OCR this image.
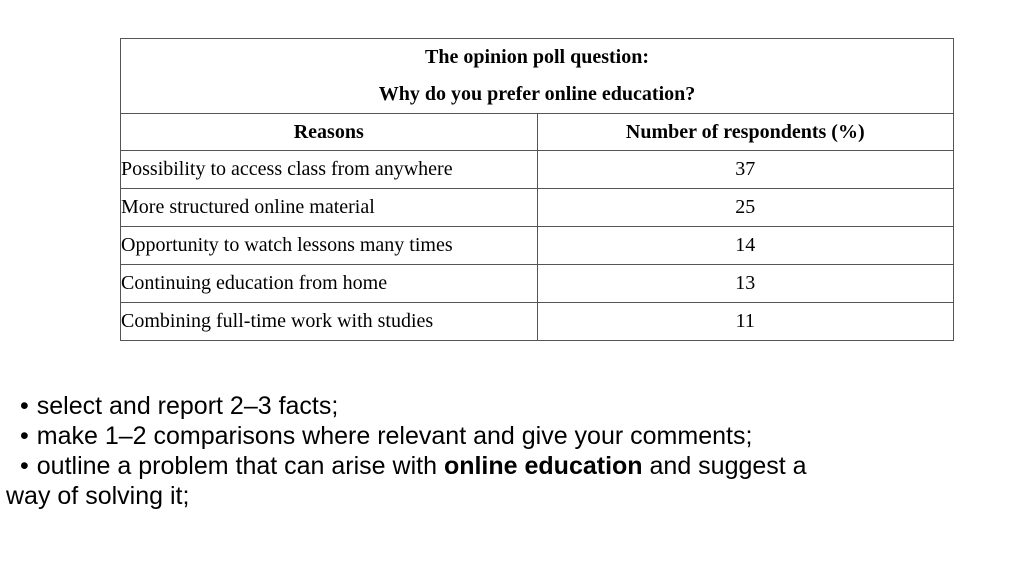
The opinion poll question:
Why do you prefer online education?	

Reasons	Number of respondents (%)
Possibility to access class from anywhere	37
More structured online material	25
Opportunity to watch lessons many times	14
Continuing education from home	13
Combining full-time work with studies	11

• select and report 2–3 facts;

• make 1–2 comparisons where relevant and give your comments;

• outline a problem that can arise with online education and suggest a

way of solving it;
